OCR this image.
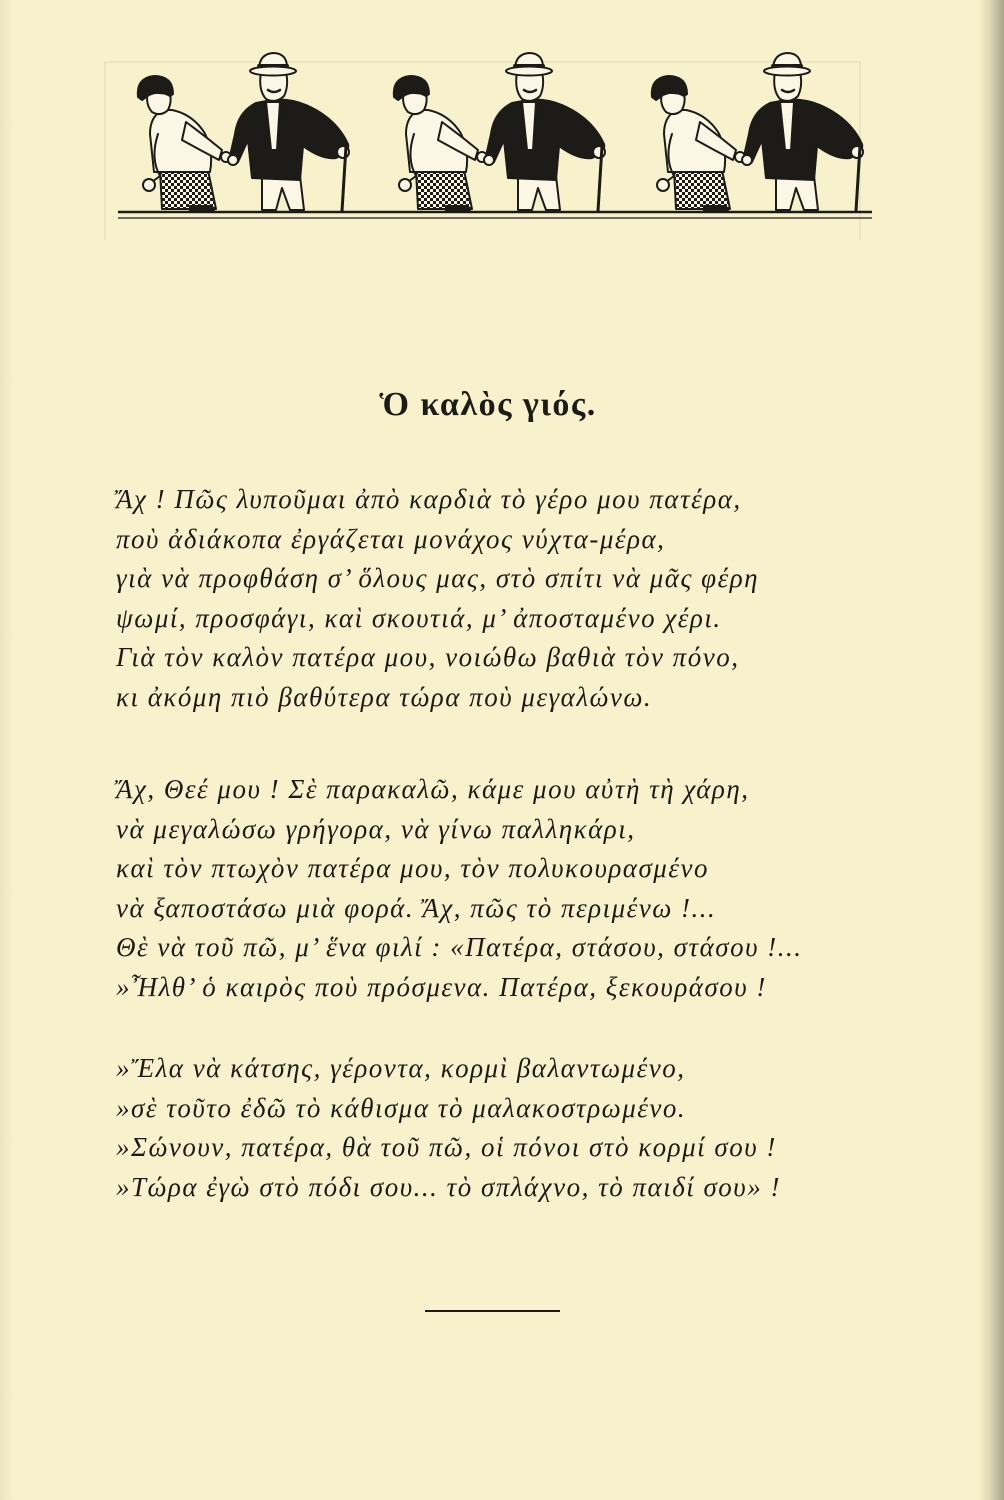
Ὁ καλὸς γιός.
Ἄχ ! Πῶς λυποῦμαι ἀπὸ καρδιὰ τὸ γέρο μου πατέρα,
ποὺ ἀδιάκοπα ἐργάζεται μονάχος νύχτα-μέρα,
γιὰ νὰ προφθάση σ’ ὅλους μας, στὸ σπίτι νὰ μᾶς φέρη
ψωμί, προσφάγι, καὶ σκουτιά, μ’ ἀποσταμένο χέρι.
Γιὰ τὸν καλὸν πατέρα μου, νοιώθω βαθιὰ τὸν πόνο,
κι ἀκόμη πιὸ βαθύτερα τώρα ποὺ μεγαλώνω.
Ἄχ, Θεέ μου ! Σὲ παρακαλῶ, κάμε μου αὐτὴ τὴ χάρη,
νὰ μεγαλώσω γρήγορα, νὰ γίνω παλληκάρι,
καὶ τὸν πτωχὸν πατέρα μου, τὸν πολυκουρασμένο
νὰ ξαποστάσω μιὰ φορά. Ἄχ, πῶς τὸ περιμένω !...
Θὲ νὰ τοῦ πῶ, μ’ ἕνα φιλί : «Πατέρα, στάσου, στάσου !...
»Ἦλθ’ ὁ καιρὸς ποὺ πρόσμενα. Πατέρα, ξεκουράσου !
»Ἔλα νὰ κάτσης, γέροντα, κορμὶ βαλαντωμένο,
»σὲ τοῦτο ἐδῶ τὸ κάθισμα τὸ μαλακοστρωμένο.
»Σώνουν, πατέρα, θὰ τοῦ πῶ, οἱ πόνοι στὸ κορμί σου !
»Τώρα ἐγὼ στὸ πόδι σου... τὸ σπλάχνο, τὸ παιδί σου» !
